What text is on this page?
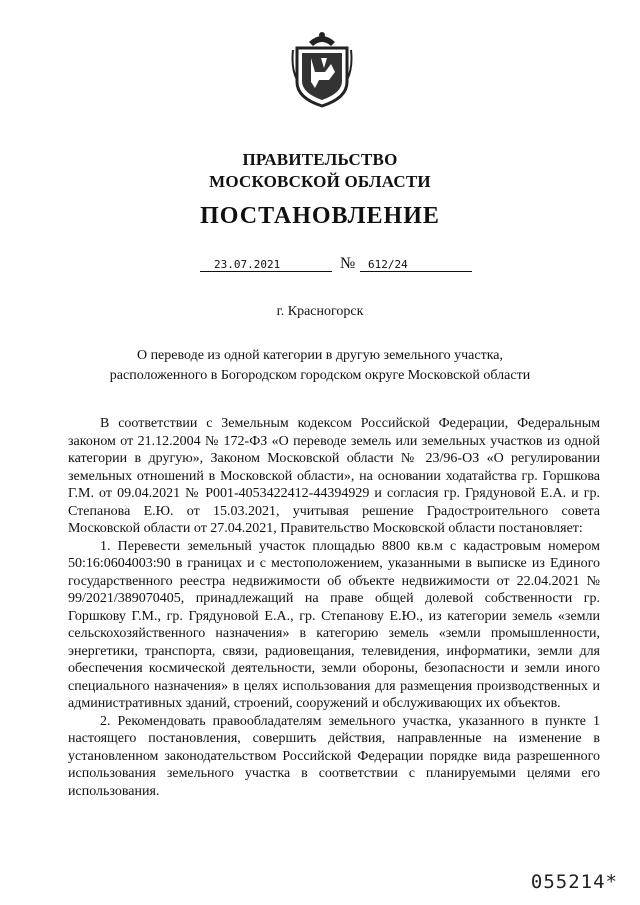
ПРАВИТЕЛЬСТВО
МОСКОВСКОЙ ОБЛАСТИ
ПОСТАНОВЛЕНИЕ
23.07.2021	№	612/24
г. Красногорск
О переводе из одной категории в другую земельного участка,
расположенного в Богородском городском округе Московской области

В соответствии с Земельным кодексом Российской Федерации, Федеральным законом от 21.12.2004 № 172-ФЗ «О переводе земель или земельных участков из одной категории в другую», Законом Московской области № 23/96-ОЗ «О регулировании земельных отношений в Московской области», на основании ходатайства гр. Горшкова Г.М. от 09.04.2021 № Р001-4053422412-44394929 и согласия гр. Грядуновой Е.А. и гр. Степанова Е.Ю. от 15.03.2021, учитывая решение Градостроительного совета Московской области от 27.04.2021, Правительство Московской области постановляет:

1. Перевести земельный участок площадью 8800 кв.м с кадастровым номером 50:16:0604003:90 в границах и с местоположением, указанными в выписке из Единого государственного реестра недвижимости об объекте недвижимости от 22.04.2021 № 99/2021/389070405, принадлежащий на праве общей долевой собственности гр. Горшкову Г.М., гр. Грядуновой Е.А., гр. Степанову Е.Ю., из категории земель «земли сельскохозяйственного назначения» в категорию земель «земли промышленности, энергетики, транспорта, связи, радиовещания, телевидения, информатики, земли для обеспечения космической деятельности, земли обороны, безопасности и земли иного специального назначения» в целях использования для размещения производственных и административных зданий, строений, сооружений и обслуживающих их объектов.

2. Рекомендовать правообладателям земельного участка, указанного в пункте 1 настоящего постановления, совершить действия, направленные на изменение в установленном законодательством Российской Федерации порядке вида разрешенного использования земельного участка в соответствии с планируемыми целями его использования.

055214*
